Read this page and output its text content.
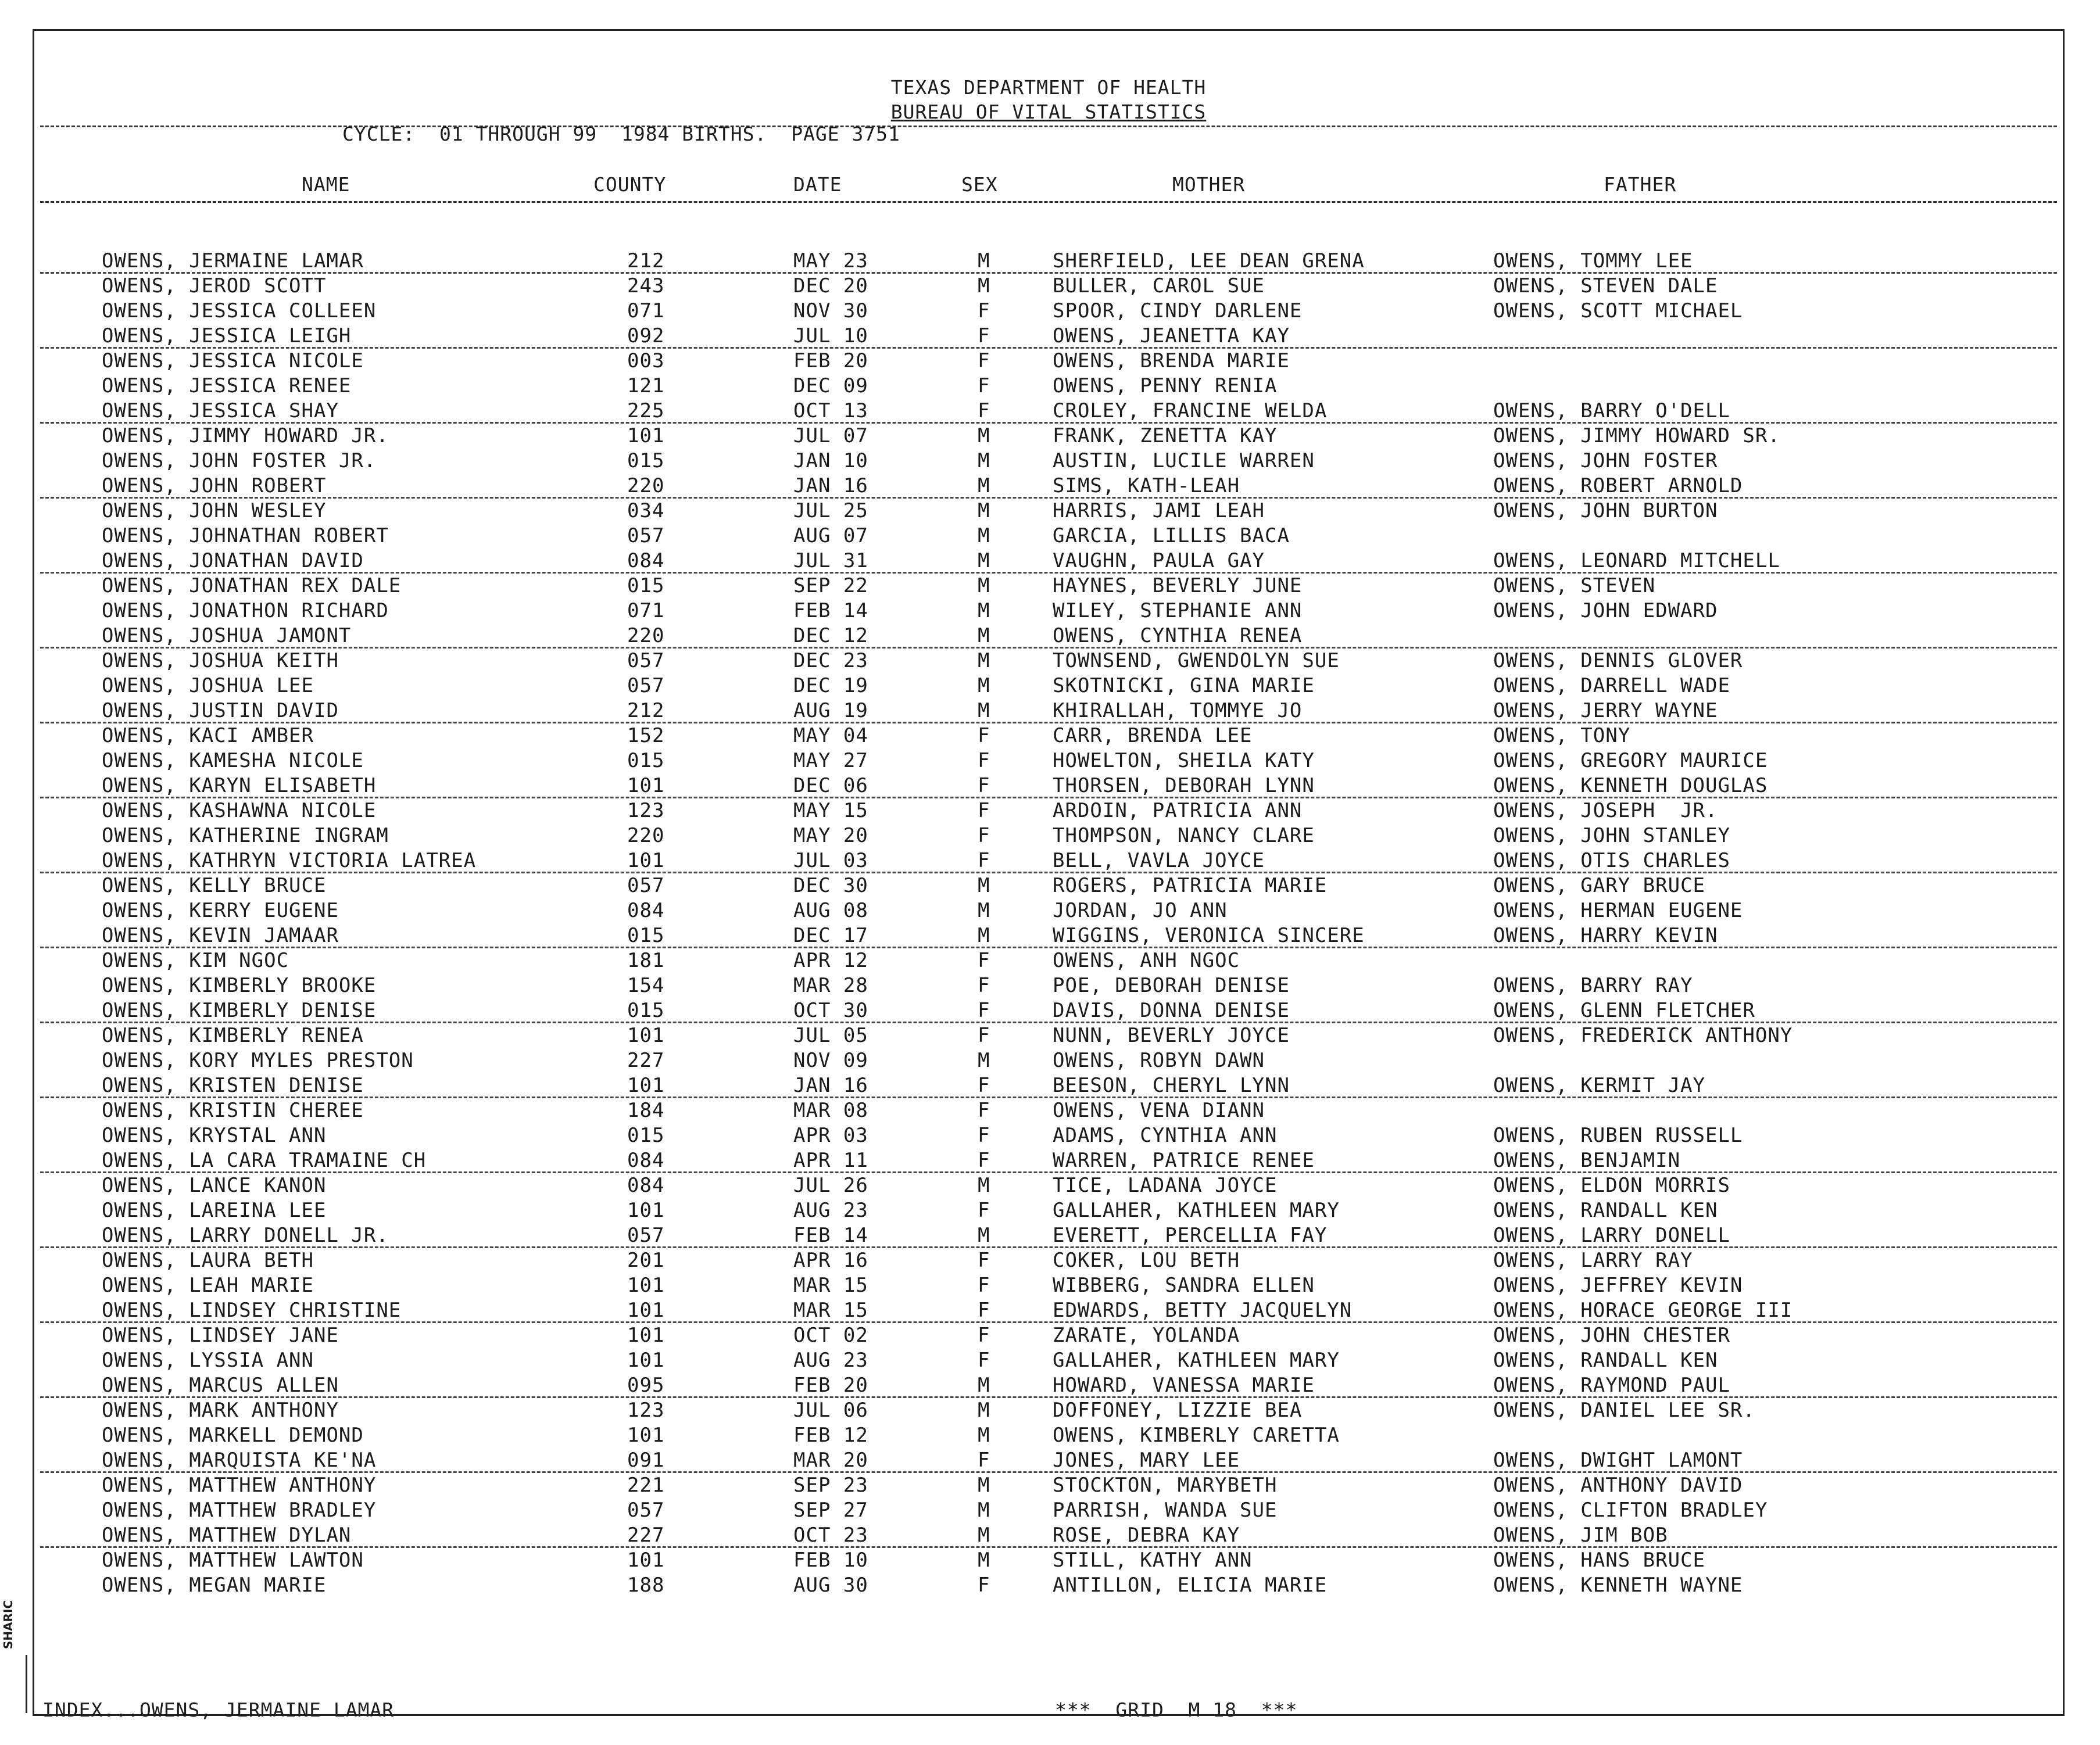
TEXAS DEPARTMENT OF HEALTH
BUREAU OF VITAL STATISTICS
CYCLE:  01 THROUGH 99  1984 BIRTHS.  PAGE 3751
NAME	COUNTY	DATE	SEX	MOTHER	FATHER
OWENS, JERMAINE LAMAR	212	MAY 23	M	SHERFIELD, LEE DEAN GRENA	OWENS, TOMMY LEE
OWENS, JEROD SCOTT	243	DEC 20	M	BULLER, CAROL SUE	OWENS, STEVEN DALE
OWENS, JESSICA COLLEEN	071	NOV 30	F	SPOOR, CINDY DARLENE	OWENS, SCOTT MICHAEL
OWENS, JESSICA LEIGH	092	JUL 10	F	OWENS, JEANETTA KAY
OWENS, JESSICA NICOLE	003	FEB 20	F	OWENS, BRENDA MARIE
OWENS, JESSICA RENEE	121	DEC 09	F	OWENS, PENNY RENIA
OWENS, JESSICA SHAY	225	OCT 13	F	CROLEY, FRANCINE WELDA	OWENS, BARRY O'DELL
OWENS, JIMMY HOWARD JR.	101	JUL 07	M	FRANK, ZENETTA KAY	OWENS, JIMMY HOWARD SR.
OWENS, JOHN FOSTER JR.	015	JAN 10	M	AUSTIN, LUCILE WARREN	OWENS, JOHN FOSTER
OWENS, JOHN ROBERT	220	JAN 16	M	SIMS, KATH-LEAH	OWENS, ROBERT ARNOLD
OWENS, JOHN WESLEY	034	JUL 25	M	HARRIS, JAMI LEAH	OWENS, JOHN BURTON
OWENS, JOHNATHAN ROBERT	057	AUG 07	M	GARCIA, LILLIS BACA
OWENS, JONATHAN DAVID	084	JUL 31	M	VAUGHN, PAULA GAY	OWENS, LEONARD MITCHELL
OWENS, JONATHAN REX DALE	015	SEP 22	M	HAYNES, BEVERLY JUNE	OWENS, STEVEN
OWENS, JONATHON RICHARD	071	FEB 14	M	WILEY, STEPHANIE ANN	OWENS, JOHN EDWARD
OWENS, JOSHUA JAMONT	220	DEC 12	M	OWENS, CYNTHIA RENEA
OWENS, JOSHUA KEITH	057	DEC 23	M	TOWNSEND, GWENDOLYN SUE	OWENS, DENNIS GLOVER
OWENS, JOSHUA LEE	057	DEC 19	M	SKOTNICKI, GINA MARIE	OWENS, DARRELL WADE
OWENS, JUSTIN DAVID	212	AUG 19	M	KHIRALLAH, TOMMYE JO	OWENS, JERRY WAYNE
OWENS, KACI AMBER	152	MAY 04	F	CARR, BRENDA LEE	OWENS, TONY
OWENS, KAMESHA NICOLE	015	MAY 27	F	HOWELTON, SHEILA KATY	OWENS, GREGORY MAURICE
OWENS, KARYN ELISABETH	101	DEC 06	F	THORSEN, DEBORAH LYNN	OWENS, KENNETH DOUGLAS
OWENS, KASHAWNA NICOLE	123	MAY 15	F	ARDOIN, PATRICIA ANN	OWENS, JOSEPH  JR.
OWENS, KATHERINE INGRAM	220	MAY 20	F	THOMPSON, NANCY CLARE	OWENS, JOHN STANLEY
OWENS, KATHRYN VICTORIA LATREA	101	JUL 03	F	BELL, VAVLA JOYCE	OWENS, OTIS CHARLES
OWENS, KELLY BRUCE	057	DEC 30	M	ROGERS, PATRICIA MARIE	OWENS, GARY BRUCE
OWENS, KERRY EUGENE	084	AUG 08	M	JORDAN, JO ANN	OWENS, HERMAN EUGENE
OWENS, KEVIN JAMAAR	015	DEC 17	M	WIGGINS, VERONICA SINCERE	OWENS, HARRY KEVIN
OWENS, KIM NGOC	181	APR 12	F	OWENS, ANH NGOC
OWENS, KIMBERLY BROOKE	154	MAR 28	F	POE, DEBORAH DENISE	OWENS, BARRY RAY
OWENS, KIMBERLY DENISE	015	OCT 30	F	DAVIS, DONNA DENISE	OWENS, GLENN FLETCHER
OWENS, KIMBERLY RENEA	101	JUL 05	F	NUNN, BEVERLY JOYCE	OWENS, FREDERICK ANTHONY
OWENS, KORY MYLES PRESTON	227	NOV 09	M	OWENS, ROBYN DAWN
OWENS, KRISTEN DENISE	101	JAN 16	F	BEESON, CHERYL LYNN	OWENS, KERMIT JAY
OWENS, KRISTIN CHEREE	184	MAR 08	F	OWENS, VENA DIANN
OWENS, KRYSTAL ANN	015	APR 03	F	ADAMS, CYNTHIA ANN	OWENS, RUBEN RUSSELL
OWENS, LA CARA TRAMAINE CH	084	APR 11	F	WARREN, PATRICE RENEE	OWENS, BENJAMIN
OWENS, LANCE KANON	084	JUL 26	M	TICE, LADANA JOYCE	OWENS, ELDON MORRIS
OWENS, LAREINA LEE	101	AUG 23	F	GALLAHER, KATHLEEN MARY	OWENS, RANDALL KEN
OWENS, LARRY DONELL JR.	057	FEB 14	M	EVERETT, PERCELLIA FAY	OWENS, LARRY DONELL
OWENS, LAURA BETH	201	APR 16	F	COKER, LOU BETH	OWENS, LARRY RAY
OWENS, LEAH MARIE	101	MAR 15	F	WIBBERG, SANDRA ELLEN	OWENS, JEFFREY KEVIN
OWENS, LINDSEY CHRISTINE	101	MAR 15	F	EDWARDS, BETTY JACQUELYN	OWENS, HORACE GEORGE III
OWENS, LINDSEY JANE	101	OCT 02	F	ZARATE, YOLANDA	OWENS, JOHN CHESTER
OWENS, LYSSIA ANN	101	AUG 23	F	GALLAHER, KATHLEEN MARY	OWENS, RANDALL KEN
OWENS, MARCUS ALLEN	095	FEB 20	M	HOWARD, VANESSA MARIE	OWENS, RAYMOND PAUL
OWENS, MARK ANTHONY	123	JUL 06	M	DOFFONEY, LIZZIE BEA	OWENS, DANIEL LEE SR.
OWENS, MARKELL DEMOND	101	FEB 12	M	OWENS, KIMBERLY CARETTA
OWENS, MARQUISTA KE'NA	091	MAR 20	F	JONES, MARY LEE	OWENS, DWIGHT LAMONT
OWENS, MATTHEW ANTHONY	221	SEP 23	M	STOCKTON, MARYBETH	OWENS, ANTHONY DAVID
OWENS, MATTHEW BRADLEY	057	SEP 27	M	PARRISH, WANDA SUE	OWENS, CLIFTON BRADLEY
OWENS, MATTHEW DYLAN	227	OCT 23	M	ROSE, DEBRA KAY	OWENS, JIM BOB
OWENS, MATTHEW LAWTON	101	FEB 10	M	STILL, KATHY ANN	OWENS, HANS BRUCE
OWENS, MEGAN MARIE	188	AUG 30	F	ANTILLON, ELICIA MARIE	OWENS, KENNETH WAYNE
INDEX...OWENS, JERMAINE LAMAR	***  GRID  M 18  ***
SHARIC
